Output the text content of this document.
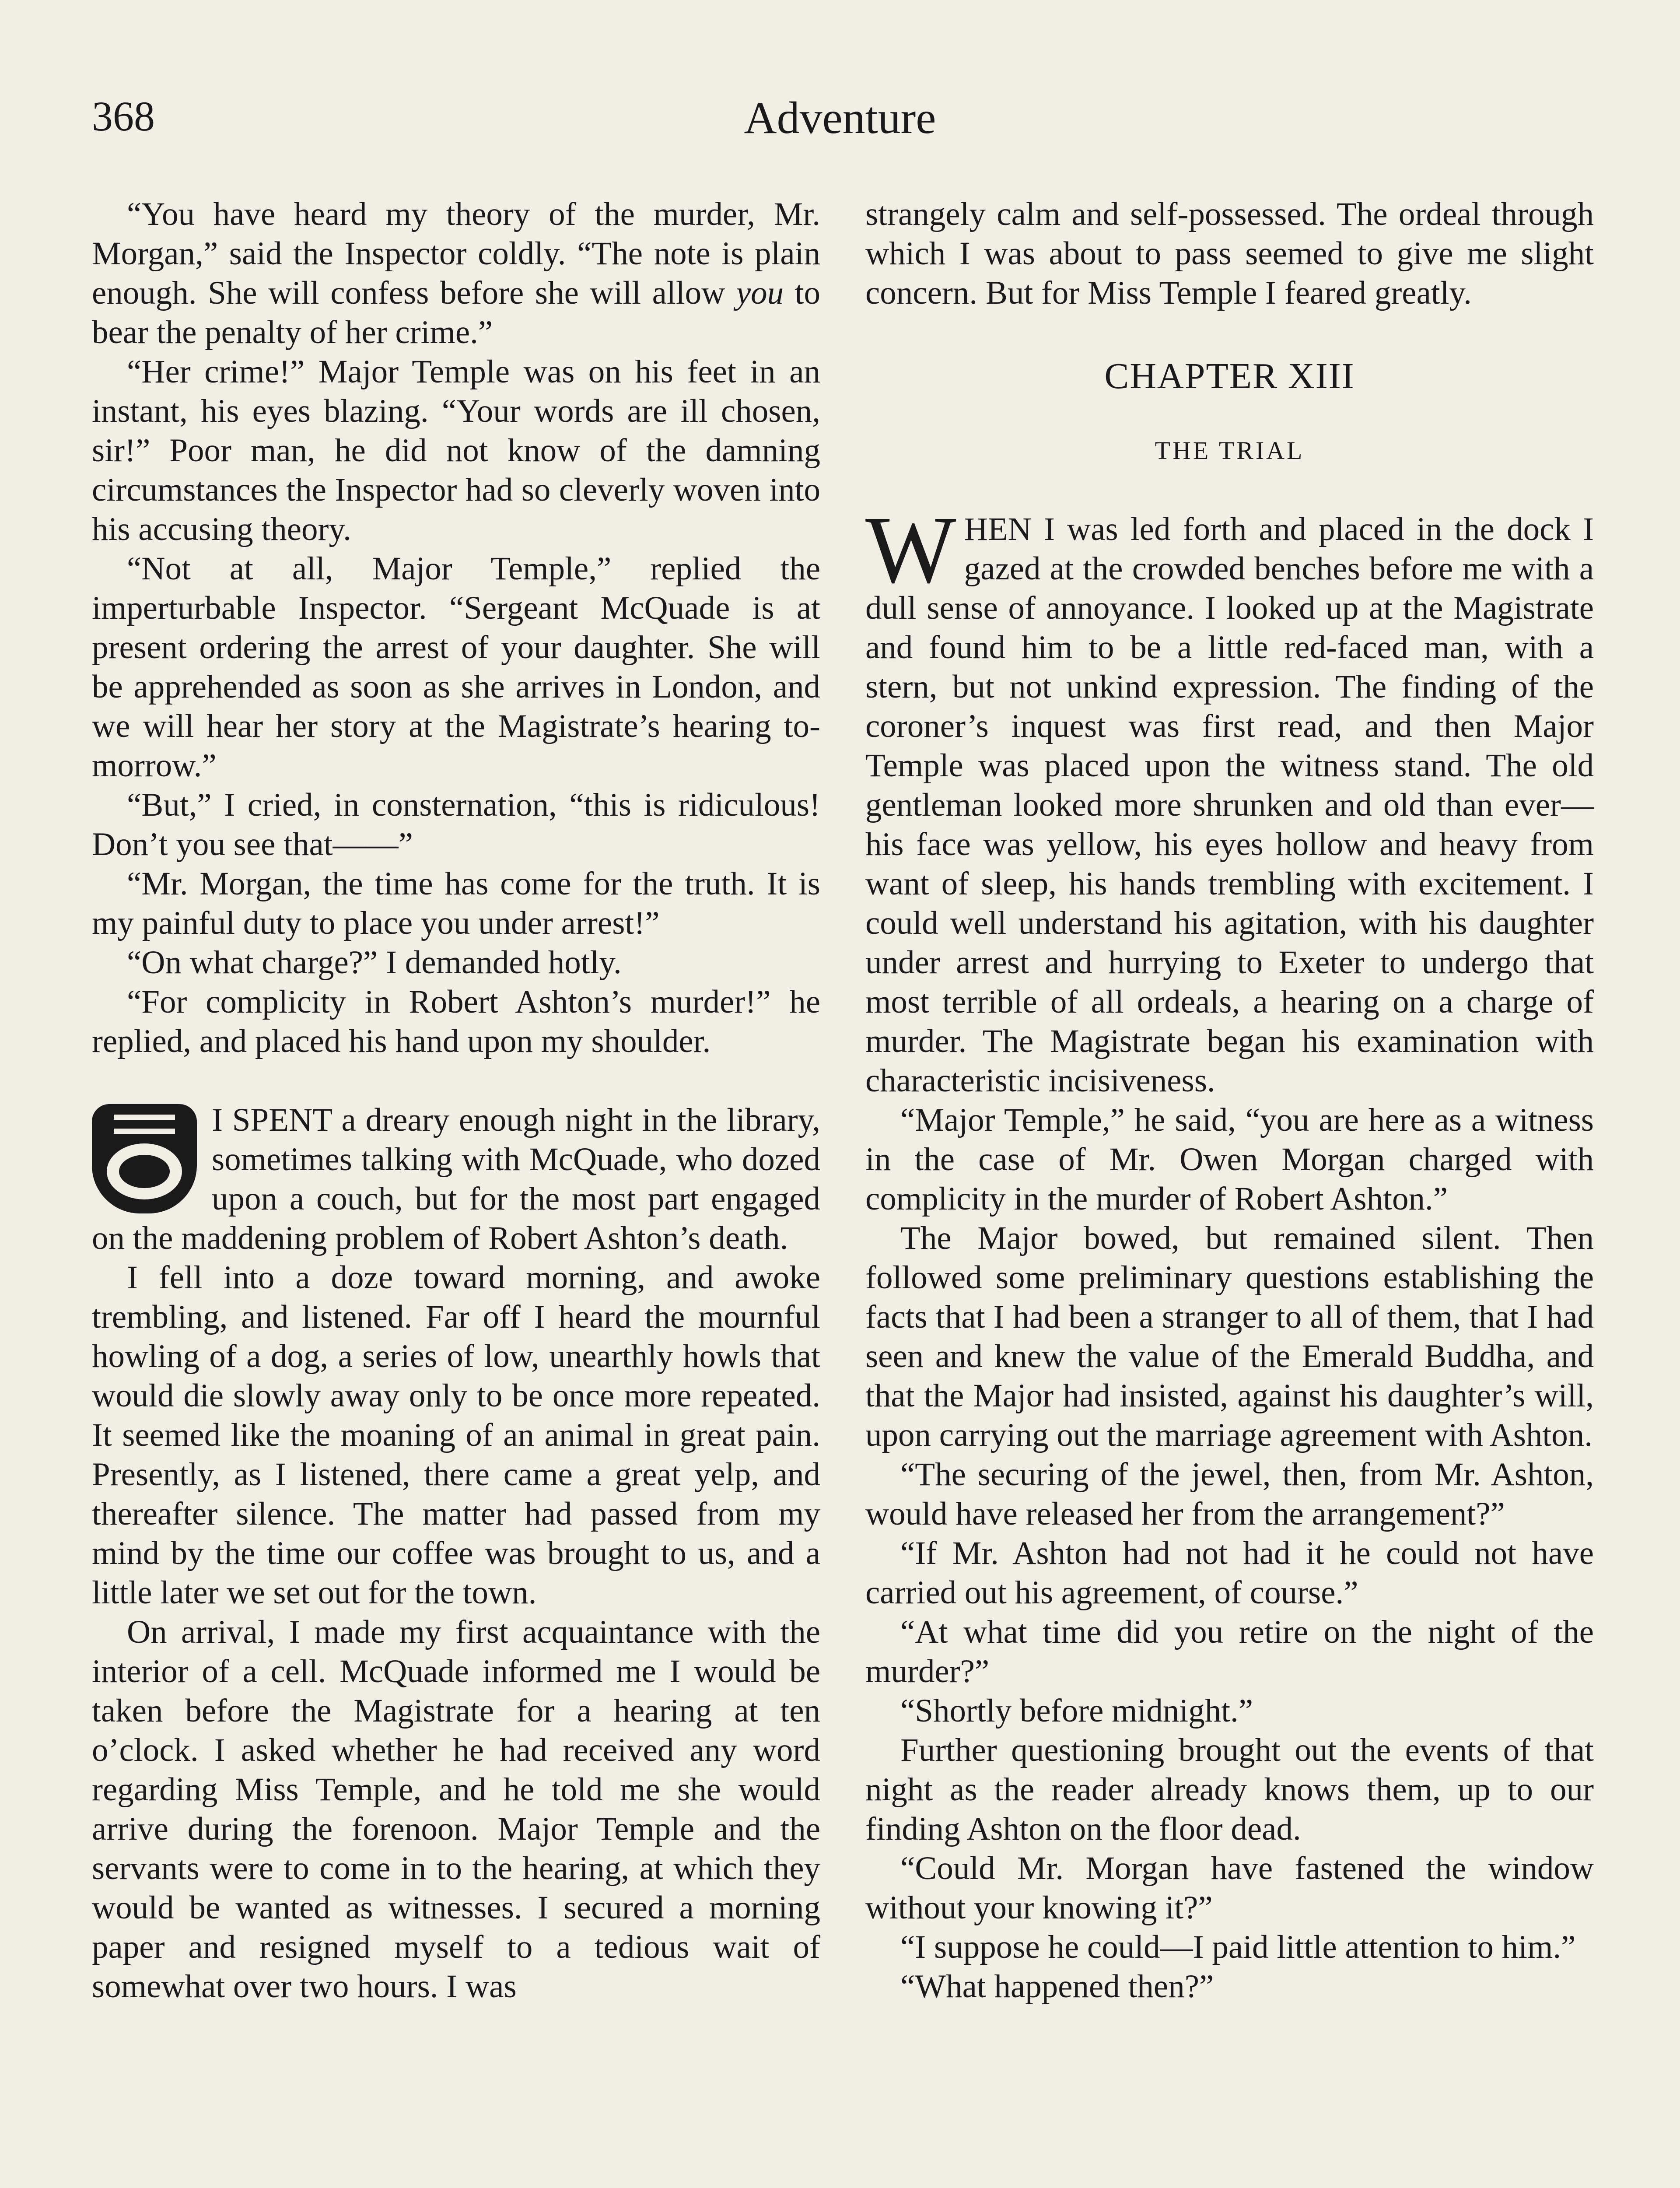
368	Adventure

“You have heard my theory of the murder, Mr. Morgan,” said the Inspector coldly. “The note is plain enough. She will confess before she will allow you to bear the penalty of her crime.”

“Her crime!” Major Temple was on his feet in an instant, his eyes blazing. “Your words are ill chosen, sir!” Poor man, he did not know of the damning circumstances the Inspector had so cleverly woven into his accusing theory.

“Not at all, Major Temple,” replied the imperturbable Inspector. “Sergeant McQuade is at present ordering the arrest of your daughter. She will be apprehended as soon as she arrives in London, and we will hear her story at the Magistrate’s hearing to-morrow.”

“But,” I cried, in consternation, “this is ridiculous! Don’t you see that——”

“Mr. Morgan, the time has come for the truth. It is my painful duty to place you under arrest!”

“On what charge?” I demanded hotly.

“For complicity in Robert Ashton’s murder!” he replied, and placed his hand upon my shoulder.

I SPENT a dreary enough night in the library, sometimes talking with McQuade, who dozed upon a couch, but for the most part engaged on the maddening problem of Robert Ashton’s death.

I fell into a doze toward morning, and awoke trembling, and listened. Far off I heard the mournful howling of a dog, a series of low, unearthly howls that would die slowly away only to be once more repeated. It seemed like the moaning of an animal in great pain. Presently, as I listened, there came a great yelp, and thereafter silence. The matter had passed from my mind by the time our coffee was brought to us, and a little later we set out for the town.

On arrival, I made my first acquaintance with the interior of a cell. McQuade informed me I would be taken before the Magistrate for a hearing at ten o’clock. I asked whether he had received any word regarding Miss Temple, and he told me she would arrive during the forenoon. Major Temple and the servants were to come in to the hearing, at which they would be wanted as witnesses. I secured a morning paper and resigned myself to a tedious wait of somewhat over two hours. I was

strangely calm and self-possessed. The ordeal through which I was about to pass seemed to give me slight concern. But for Miss Temple I feared greatly.

CHAPTER XIII
THE TRIAL

WHEN I was led forth and placed in the dock I gazed at the crowded benches before me with a dull sense of annoyance. I looked up at the Magistrate and found him to be a little red-faced man, with a stern, but not unkind expression. The finding of the coroner’s inquest was first read, and then Major Temple was placed upon the witness stand. The old gentleman looked more shrunken and old than ever—his face was yellow, his eyes hollow and heavy from want of sleep, his hands trembling with excitement. I could well understand his agitation, with his daughter under arrest and hurrying to Exeter to undergo that most terrible of all ordeals, a hearing on a charge of murder. The Magistrate began his examination with characteristic incisiveness.

“Major Temple,” he said, “you are here as a witness in the case of Mr. Owen Morgan charged with complicity in the murder of Robert Ashton.”

The Major bowed, but remained silent. Then followed some preliminary questions establishing the facts that I had been a stranger to all of them, that I had seen and knew the value of the Emerald Buddha, and that the Major had insisted, against his daughter’s will, upon carrying out the marriage agreement with Ashton.

“The securing of the jewel, then, from Mr. Ashton, would have released her from the arrangement?”

“If Mr. Ashton had not had it he could not have carried out his agreement, of course.”

“At what time did you retire on the night of the murder?”

“Shortly before midnight.”

Further questioning brought out the events of that night as the reader already knows them, up to our finding Ashton on the floor dead.

“Could Mr. Morgan have fastened the window without your knowing it?”

“I suppose he could—I paid little attention to him.”

“What happened then?”
